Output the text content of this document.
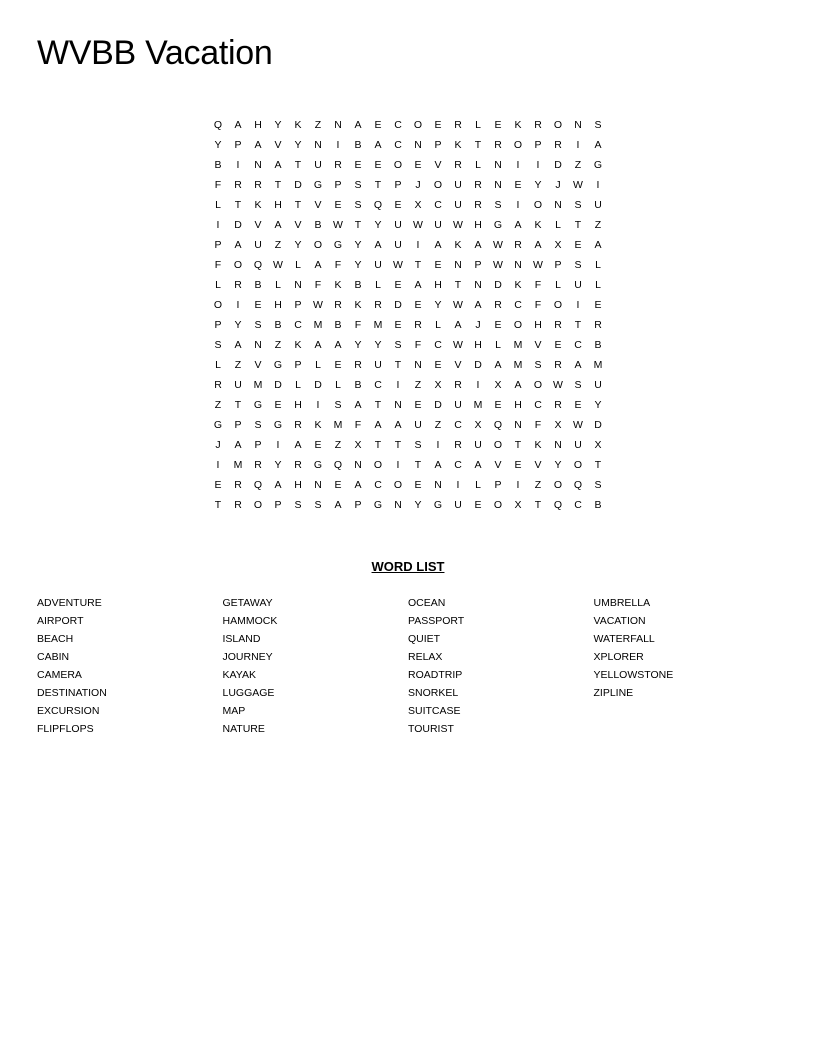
WVBB Vacation
Q	A	H	Y	K	Z	N	A	E	C	O	E	R	L	E	K	R	O	N	S
Y	P	A	V	Y	N	I	B	A	C	N	P	K	T	R	O	P	R	I	A
B	I	N	A	T	U	R	E	E	O	E	V	R	L	N	I	I	D	Z	G
F	R	R	T	D	G	P	S	T	P	J	O	U	R	N	E	Y	J	W	I
L	T	K	H	T	V	E	S	Q	E	X	C	U	R	S	I	O	N	S	U
I	D	V	A	V	B	W	T	Y	U	W	U	W	H	G	A	K	L	T	Z
P	A	U	Z	Y	O	G	Y	A	U	I	A	K	A	W	R	A	X	E	A
F	O	Q	W	L	A	F	Y	U	W	T	E	N	P	W	N	W	P	S	L
L	R	B	L	N	F	K	B	L	E	A	H	T	N	D	K	F	L	U	L
O	I	E	H	P	W	R	K	R	D	E	Y	W	A	R	C	F	O	I	E
P	Y	S	B	C	M	B	F	M	E	R	L	A	J	E	O	H	R	T	R
S	A	N	Z	K	A	A	Y	Y	S	F	C	W	H	L	M	V	E	C	B
L	Z	V	G	P	L	E	R	U	T	N	E	V	D	A	M	S	R	A	M
R	U	M	D	L	D	L	B	C	I	Z	X	R	I	X	A	O	W	S	U
Z	T	G	E	H	I	S	A	T	N	E	D	U	M	E	H	C	R	E	Y
G	P	S	G	R	K	M	F	A	A	U	Z	C	X	Q	N	F	X	W	D
J	A	P	I	A	E	Z	X	T	T	S	I	R	U	O	T	K	N	U	X
I	M	R	Y	R	G	Q	N	O	I	T	A	C	A	V	E	V	Y	O	T
E	R	Q	A	H	N	E	A	C	O	E	N	I	L	P	I	Z	O	Q	S
T	R	O	P	S	S	A	P	G	N	Y	G	U	E	O	X	T	Q	C	B
WORD LIST
ADVENTURE
AIRPORT
BEACH
CABIN
CAMERA
DESTINATION
EXCURSION
FLIPFLOPS
GETAWAY
HAMMOCK
ISLAND
JOURNEY
KAYAK
LUGGAGE
MAP
NATURE
OCEAN
PASSPORT
QUIET
RELAX
ROADTRIP
SNORKEL
SUITCASE
TOURIST
UMBRELLA
VACATION
WATERFALL
XPLORER
YELLOWSTONE
ZIPLINE
